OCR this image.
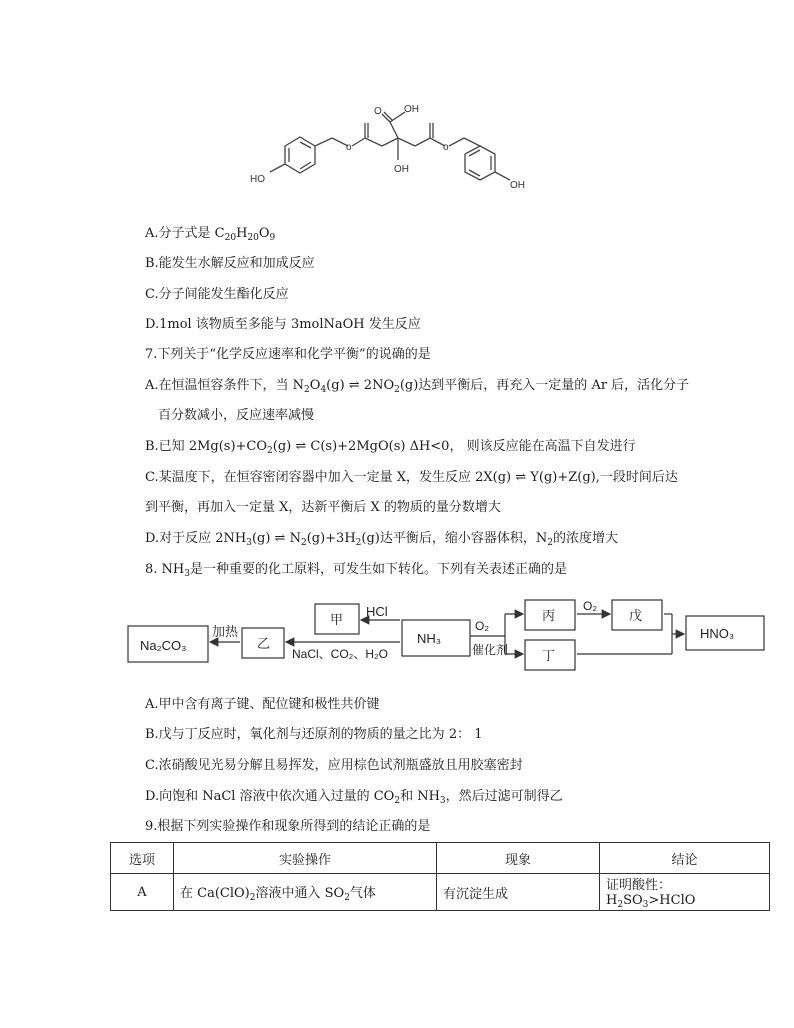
HO
o
O OH
OH
o
OH
A.分子式是 $C_{20}H_{20}O_9$
B.能发生水解反应和加成反应
C.分子间能发生酯化反应
D.1mol 该物质至多能与 3molNaOH 发生反应
7.下列关于“化学反应速率和化学平衡”的说确的是
A.在恒温恒容条件下，当 $N_2O_4(g)$ ⇌ $2NO_2(g)$达到平衡后，再充入一定量的 Ar 后，活化分子
百分数减小，反应速率减慢
B.已知 $2Mg(s)+CO_2(g)$ ⇌ C(s)+2MgO(s) ΔH<0， 则该反应能在高温下自发进行
C.某温度下，在恒容密闭容器中加入一定量 X，发生反应 2X(g) ⇌ Y(g)+Z(g),一段时间后达
到平衡，再加入一定量 X，达新平衡后 X 的物质的量分数增大
D.对于反应 $2NH_3(g)$ ⇌ $N_2(g)+3H_2(g)$达平衡后，缩小容器体积，$N_2$的浓度增大
8. $NH_3$是一种重要的化工原料，可发生如下转化。下列有关表述正确的是
Na₂CO₃
加热
乙
甲
HCl
NH₃
NaCl、CO₂、H₂O
O₂
催化剂
丙
丁
O₂
戊
HNO₃
A.甲中含有离子键、配位键和极性共价键
B.戊与丁反应时，氧化剂与还原剂的物质的量之比为 2： 1
C.浓硝酸见光易分解且易挥发，应用棕色试剂瓶盛放且用胶塞密封
D.向饱和 NaCl 溶液中依次通入过量的 $CO_2$和 $NH_3$，然后过滤可制得乙
9.根据下列实验操作和现象所得到的结论正确的是
选项	实验操作	现象	结论
A	在 $Ca(ClO)_2$溶液中通入 $SO_2$气体	有沉淀生成	证明酸性： $H_2SO_3>HClO$
